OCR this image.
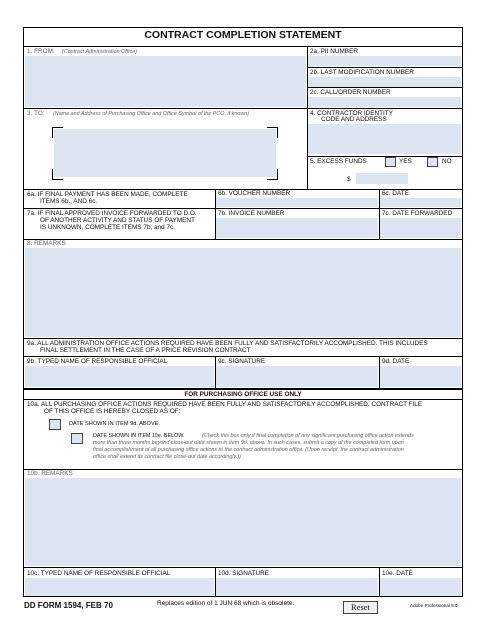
CONTRACT COMPLETION STATEMENT
1. FROM: (Contract Administration Office)	2a. PII NUMBER
2b. LAST MODIFICATION NUMBER
2c. CALL/ORDER NUMBER
3. TO: (Name and Address of Purchasing Office and Office Symbol of the PCO, if known)	4. CONTRACTOR IDENTITY
CODE AND ADDRESS
5. EXCESS FUNDS	YES	NO
$
6a. IF FINAL PAYMENT HAS BEEN MADE, COMPLETE
ITEMS 6b., AND 6c.
6b. VOUCHER NUMBER	6c. DATE
7a. IF FINAL APPROVED INVOICE FORWARDED TO D.O.
OF ANOTHER ACTIVITY AND STATUS OF PAYMENT
IS UNKNOWN, COMPLETE ITEMS 7b, and 7c.
7b. INVOICE NUMBER	7c. DATE FORWARDED
8. REMARKS
9a. ALL ADMINISTRATION OFFICE ACTIONS REQUIRED HAVE BEEN FULLY AND SATISFACTORILY ACCOMPLISHED. THIS INCLUDES
FINAL SETTLEMENT IN THE CASE OF A PRICE REVISION CONTRACT
9b. TYPED NAME OF RESPONSIBLE OFFICIAL	9c. SIGNATURE	9d. DATE
FOR PURCHASING OFFICE USE ONLY
10a. ALL PURCHASING OFFICE ACTIONS REQUIRED HAVE BEEN FULLY AND SATISFACTORILY ACCOMPLISHED. CONTRACT FILE
OF THIS OFFICE IS HEREBY CLOSED AS OF:
DATE SHOWN IN ITEM 9d. ABOVE.
DATE SHOWN IN ITEM 10e. BELOW.	(Check this box only if final completion of any significant purchasing office action extends
more than three months beyond close-out date shown in item 9d. above. In such cases, submit a copy of the completed form upon
final accomplishment of all purchasing office actions to the contract administration office. (Upon receipt, the contract administration
office shall extend its contract file close-out date accordingly.))
10b. REMARKS
10c. TYPED NAME OF RESPONSIBLE OFFICIAL	10d. SIGNATURE	10e. DATE
DD FORM 1594, FEB 70	Replaces edition of 1 JUN 68 which is obsolete.	Reset	Adobe Professional 8.0
